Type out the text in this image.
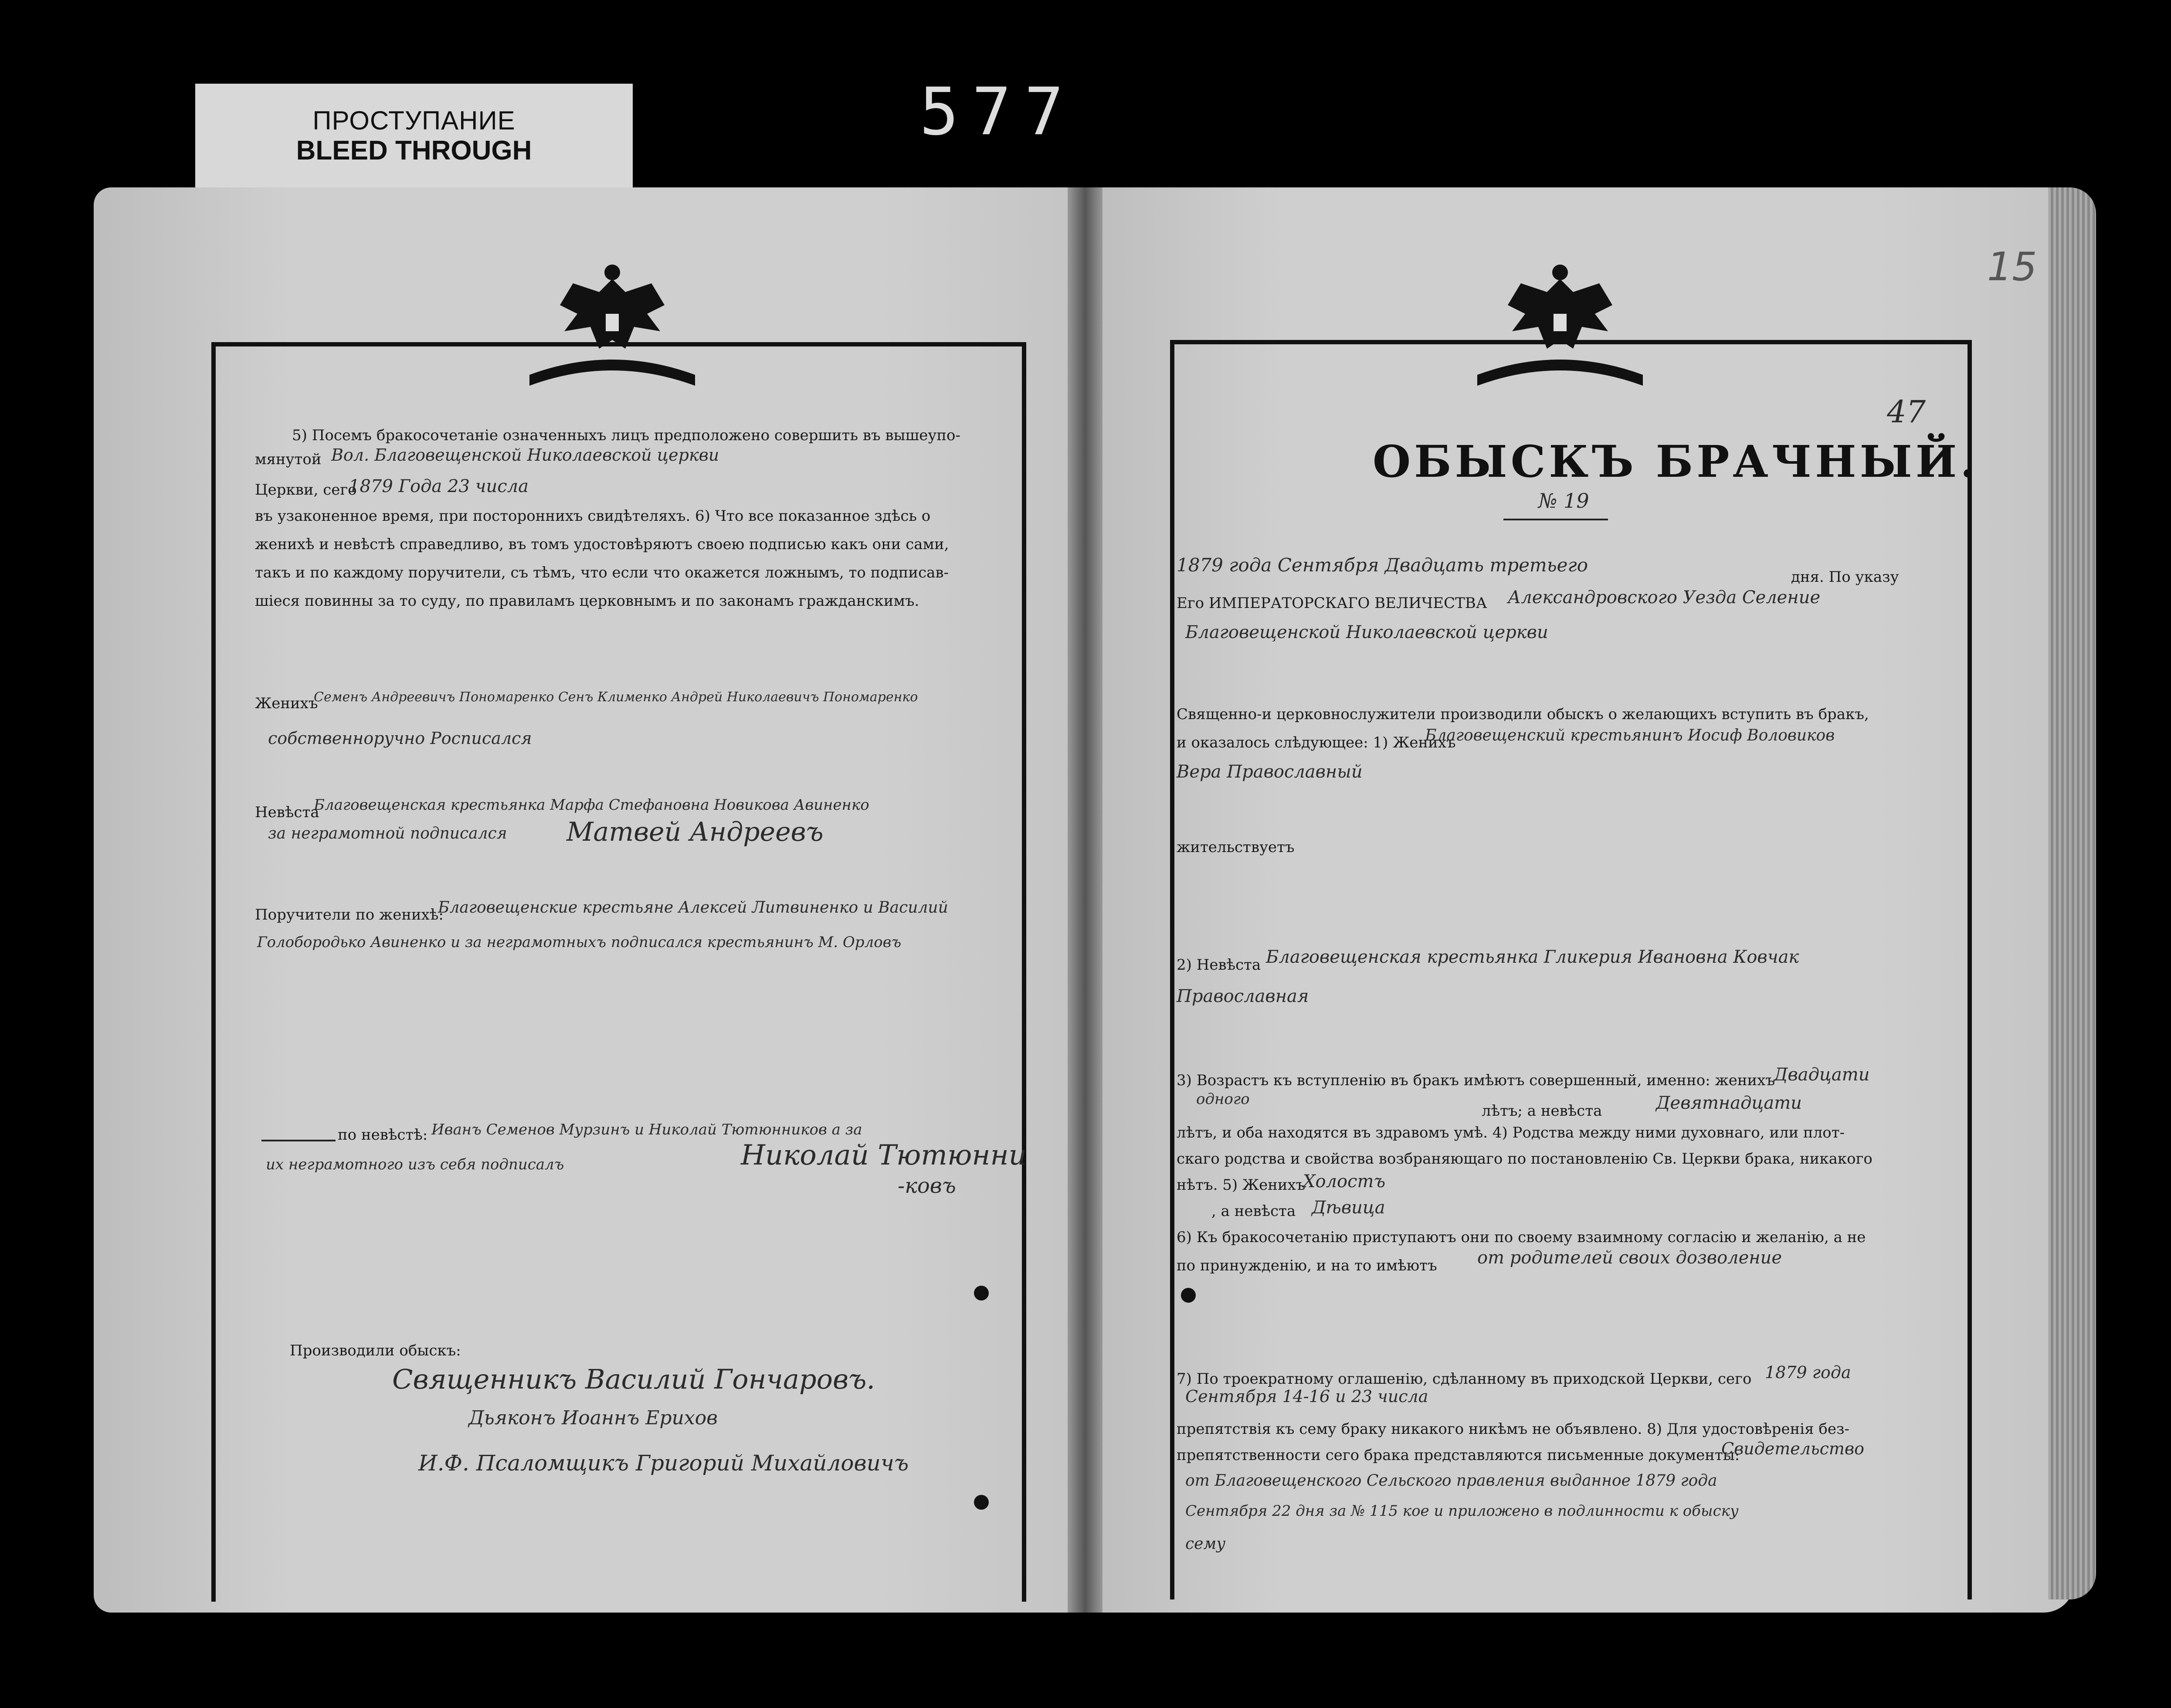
ПРОСТУПАНИЕ
BLEED THROUGH
577
5) Посемъ бракосочетанiе означенныхъ лицъ предположено совершить въ вышеупо-
мянутой Вол. Благовещенской Николаевской церкви
Церкви, сего
1879 Года 23 числа
въ узаконенное время, при постороннихъ свидѣтеляхъ. 6) Что все показанное здѣсь о
женихѣ и невѣстѣ справедливо, въ томъ удостовѣряютъ своею подписью какъ они сами,
такъ и по каждому поручители, съ тѣмъ, что если что окажется ложнымъ, то подписав-
шiеся повинны за то суду, по правиламъ церковнымъ и по законамъ гражданскимъ.
Женихъ
Семенъ Андреевичъ Пономаренко Сенъ Клименко Андрей Николаевичъ Пономаренко
собственноручно Росписался
Невѣста
Благовещенская крестьянка Марфа Стефановна Новикова Авиненко
за неграмотной подписался Матвей Андреевъ
Поручители по женихѣ:
Благовещенские крестьяне Алексей Литвиненко и Василий
Голобородько Авиненко и за неграмотныхъ подписался крестьянинъ М. Орловъ
по невѣстѣ: Иванъ Семенов Мурзинъ и Николай Тютюнников а за
их неграмотного изъ себя подписалъ	Николай Тютюнни
-ковъ
Производили обыскъ:
Священникъ Василий Гончаровъ.
Дьяконъ Иоаннъ Ерихов
И.Ф. Псаломщикъ Григорий Михайловичъ
15
47
ОБЫСКЪ БРАЧНЫЙ.
№ 19
1879 года Сентября Двадцать третьего
дня. По указу
Его ИМПЕРАТОРСКАГО ВЕЛИЧЕСТВА Александровского Уезда Селение
Благовещенской Николаевской церкви
Священно-и церковнослужители производили обыскъ о желающихъ вступить въ бракъ,
и оказалось слѣдующее: 1) Женихъ
Благовещенский крестьянинъ Иосиф Воловиков
Вера Православный
жительствуетъ
2) Невѣста Благовещенская крестьянка Гликерия Ивановна Ковчак
Православная
3) Возрастъ къ вступленiю въ бракъ имѣютъ совершенный, именно: женихъ
Двадцати
одного
лѣтъ; а невѣста	Девятнадцати
лѣтъ, и оба находятся въ здравомъ умѣ. 4) Родства между ними духовнаго, или плот-
скаго родства и свойства возбраняющаго по постановленiю Св. Церкви брака, никакого
нѣтъ. 5) Женихъ
Холостъ
, а невѣста Дѣвица
6) Къ бракосочетанiю приступаютъ они по своему взаимному согласiю и желанiю, а не
по принужденiю, и на то имѣютъ от родителей своих дозволение
7) По троекратному оглашенiю, сдѣланному въ приходской Церкви, сего 1879 года
Сентября 14-16 и 23 числа
препятствiя къ сему браку никакого никѣмъ не объявлено. 8) Для удостовѣренiя без-
препятственности сего брака представляются письменные документы:
Свидетельство
от Благовещенского Сельского правления выданное 1879 года
Сентября 22 дня за № 115 кое и приложено в подлинности к обыску
сему
